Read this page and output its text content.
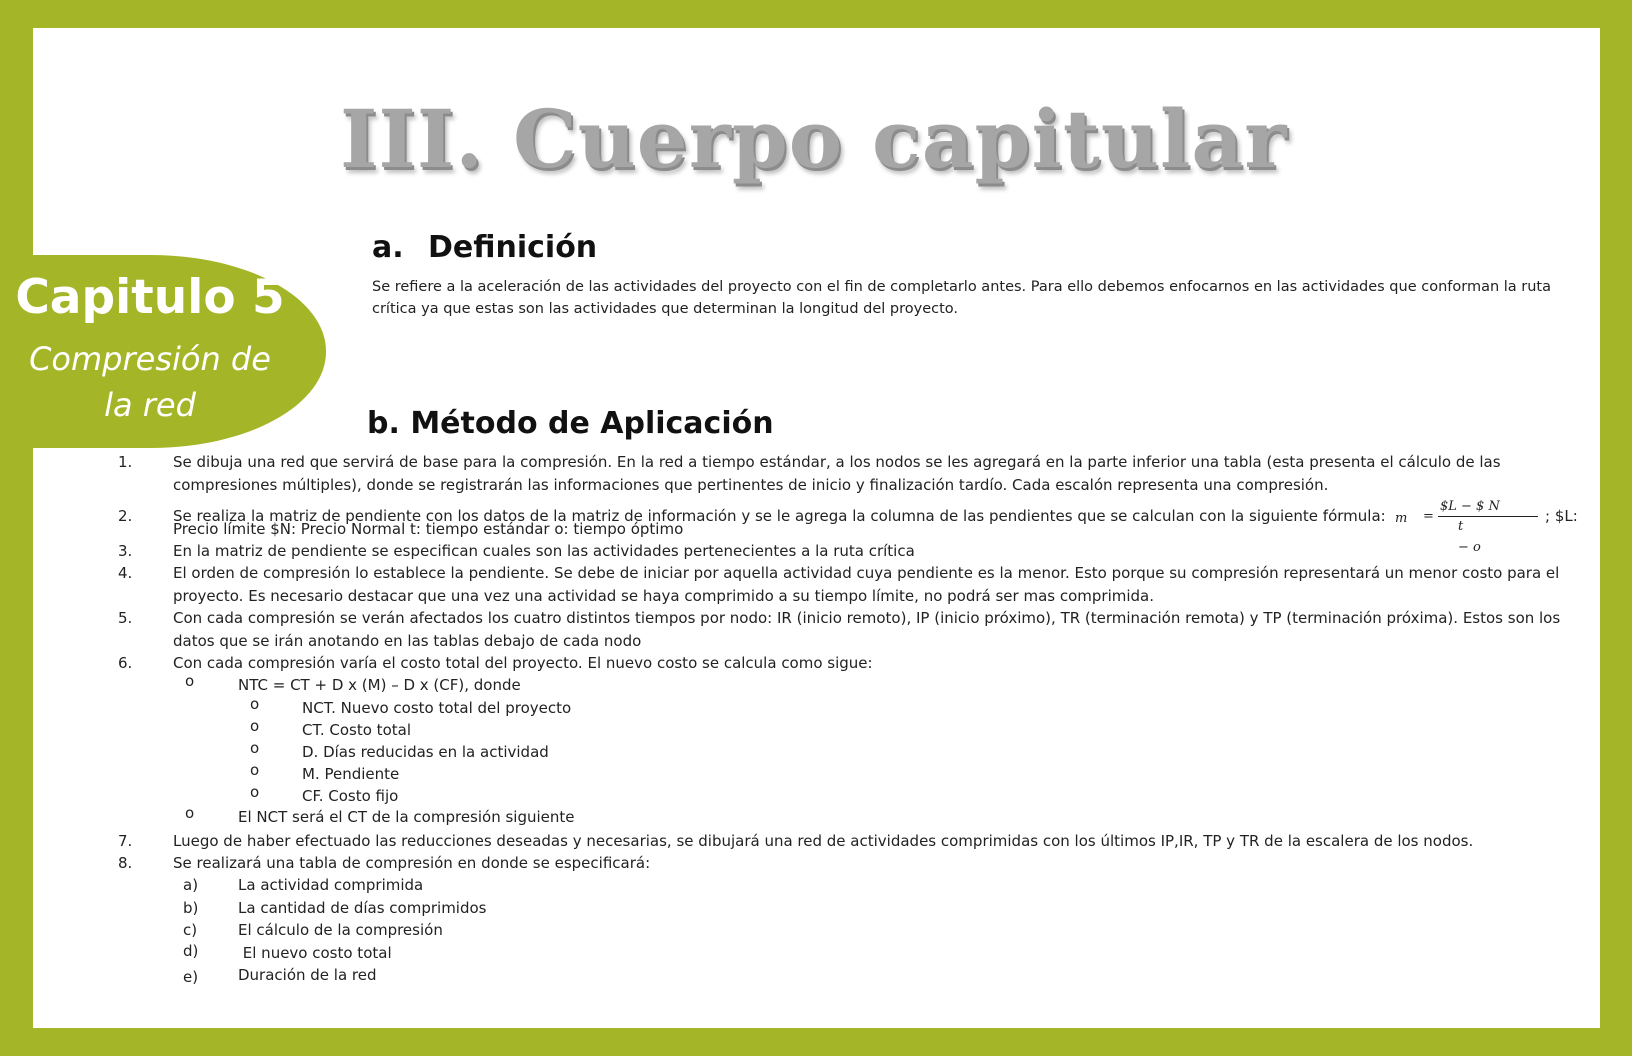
III. Cuerpo capitular
Capitulo 5
Compresión de
la red
a. Definición
Se refiere a la aceleración de las actividades del proyecto con el fin de completarlo antes. Para ello debemos enfocarnos en las actividades que conforman la ruta crítica ya que estas son las actividades que determinan la longitud del proyecto.
b. Método de Aplicación
1.	Se dibuja una red que servirá de base para la compresión. En la red a tiempo estándar, a los nodos se les agregará en la parte inferior una tabla (esta presenta el cálculo de las compresiones múltiples), donde se registrarán las informaciones que pertinentes de inicio y finalización tardío. Cada escalón representa una compresión.
2.	Se realiza la matriz de pendiente con los datos de la matriz de información y se le agrega la columna de las pendientes que se calculan con la siguiente fórmula:
Precio límite $N: Precio Normal t: tiempo estándar o: tiempo óptimo
m =
$L − $ N
t
− o
; $L:
3.	En la matriz de pendiente se especifican cuales son las actividades pertenecientes a la ruta crítica
4.	El orden de compresión lo establece la pendiente. Se debe de iniciar por aquella actividad cuya pendiente es la menor. Esto porque su compresión representará un menor costo para el proyecto. Es necesario destacar que una vez una actividad se haya comprimido a su tiempo límite, no podrá ser mas comprimida.
5.	Con cada compresión se verán afectados los cuatro distintos tiempos por nodo: IR (inicio remoto), IP (inicio próximo), TR (terminación remota) y TP (terminación próxima). Estos son los datos que se irán anotando en las tablas debajo de cada nodo
6.	Con cada compresión varía el costo total del proyecto. El nuevo costo se calcula como sigue:
o	NTC = CT + D x (M) – D x (CF), donde
o	NCT. Nuevo costo total del proyecto
o	CT. Costo total
o	D. Días reducidas en la actividad
o	M. Pendiente
o	CF. Costo fijo
o	El NCT será el CT de la compresión siguiente
7.	Luego de haber efectuado las reducciones deseadas y necesarias, se dibujará una red de actividades comprimidas con los últimos IP,IR, TP y TR de la escalera de los nodos.
8.	Se realizará una tabla de compresión en donde se especificará:
a)	La actividad comprimida
b)	La cantidad de días comprimidos
c)	El cálculo de la compresión
d)	El nuevo costo total
e)	Duración de la red
